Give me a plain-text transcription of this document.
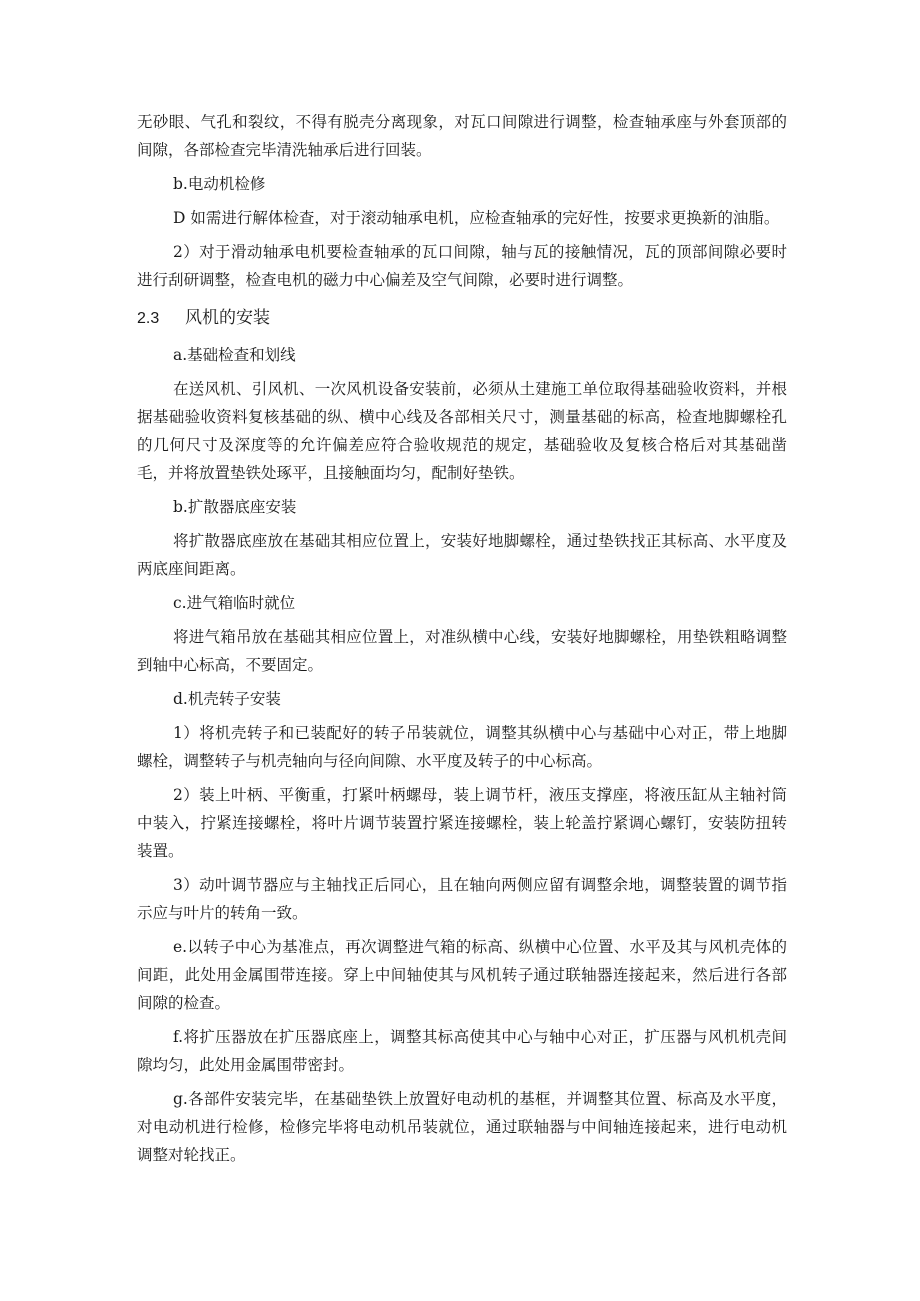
无砂眼、气孔和裂纹，不得有脱壳分离现象，对瓦口间隙进行调整，检查轴承座与外套顶部的间隙，各部检查完毕清洗轴承后进行回装。

b.电动机检修

D 如需进行解体检查，对于滚动轴承电机，应检查轴承的完好性，按要求更换新的油脂。

2）对于滑动轴承电机要检查轴承的瓦口间隙，轴与瓦的接触情况，瓦的顶部间隙必要时进行刮研调整，检查电机的磁力中心偏差及空气间隙，必要时进行调整。

2.3	风机的安装

a.基础检查和划线

在送风机、引风机、一次风机设备安装前，必须从土建施工单位取得基础验收资料，并根据基础验收资料复核基础的纵、横中心线及各部相关尺寸，测量基础的标高，检查地脚螺栓孔的几何尺寸及深度等的允许偏差应符合验收规范的规定，基础验收及复核合格后对其基础凿毛，并将放置垫铁处琢平，且接触面均匀，配制好垫铁。

b.扩散器底座安装

将扩散器底座放在基础其相应位置上，安装好地脚螺栓，通过垫铁找正其标高、水平度及两底座间距离。

c.进气箱临时就位

将进气箱吊放在基础其相应位置上，对准纵横中心线，安装好地脚螺栓，用垫铁粗略调整到轴中心标高，不要固定。

d.机壳转子安装

1）将机壳转子和已装配好的转子吊装就位，调整其纵横中心与基础中心对正，带上地脚螺栓，调整转子与机壳轴向与径向间隙、水平度及转子的中心标高。

2）装上叶柄、平衡重，打紧叶柄螺母，装上调节杆，液压支撑座，将液压缸从主轴衬筒中装入，拧紧连接螺栓，将叶片调节装置拧紧连接螺栓，装上轮盖拧紧调心螺钉，安装防扭转装置。

3）动叶调节器应与主轴找正后同心，且在轴向两侧应留有调整余地，调整装置的调节指示应与叶片的转角一致。

e.以转子中心为基准点，再次调整进气箱的标高、纵横中心位置、水平及其与风机壳体的间距，此处用金属围带连接。穿上中间轴使其与风机转子通过联轴器连接起来，然后进行各部间隙的检查。

f.将扩压器放在扩压器底座上，调整其标高使其中心与轴中心对正，扩压器与风机机壳间隙均匀，此处用金属围带密封。

g.各部件安装完毕，在基础垫铁上放置好电动机的基框，并调整其位置、标高及水平度，对电动机进行检修，检修完毕将电动机吊装就位，通过联轴器与中间轴连接起来，进行电动机调整对轮找正。
